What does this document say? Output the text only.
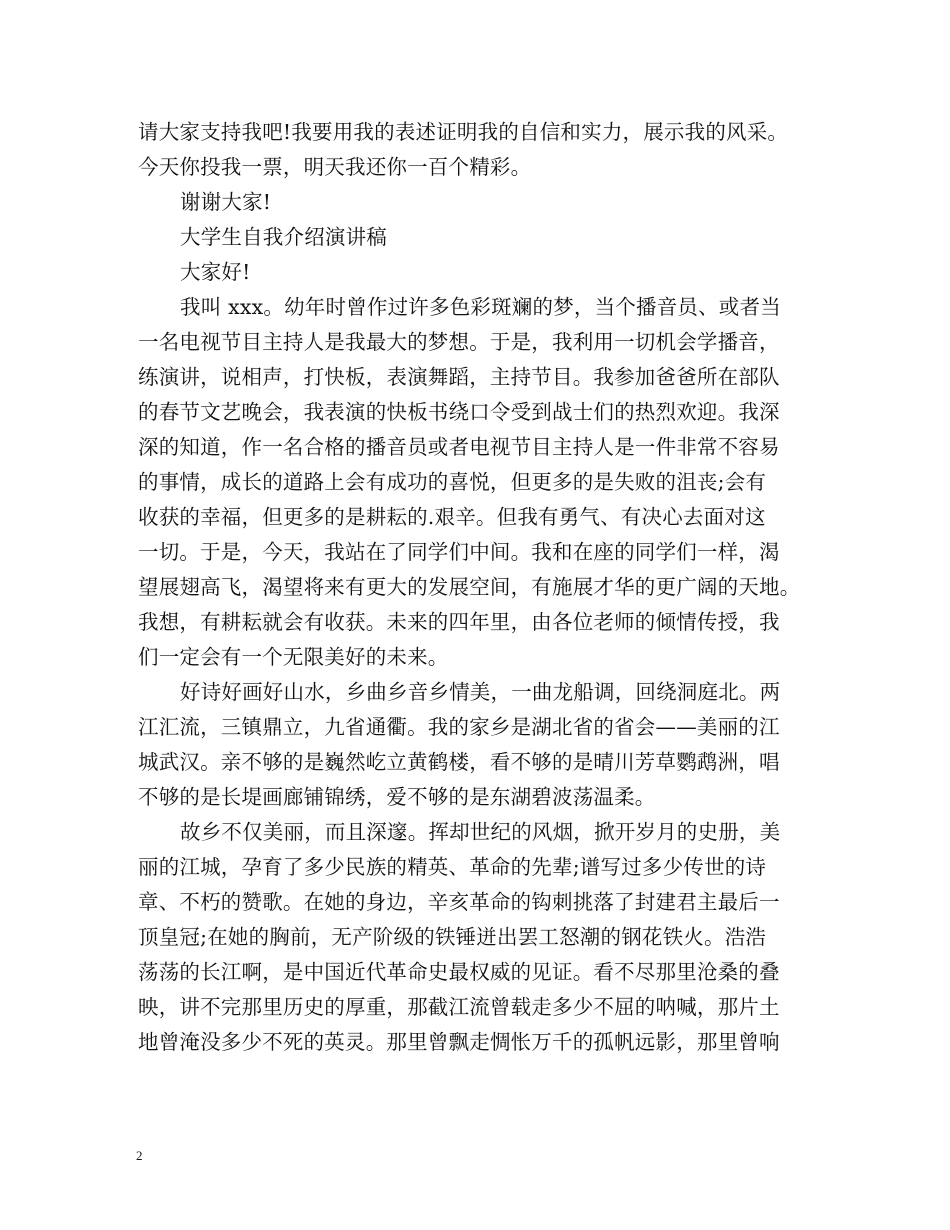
请大家支持我吧!我要用我的表述证明我的自信和实力，展示我的风采。
今天你投我一票，明天我还你一百个精彩。
谢谢大家!
大学生自我介绍演讲稿
大家好!
我叫 xxx。幼年时曾作过许多色彩斑斓的梦，当个播音员、或者当
一名电视节目主持人是我最大的梦想。于是，我利用一切机会学播音，
练演讲，说相声，打快板，表演舞蹈，主持节目。我参加爸爸所在部队
的春节文艺晚会，我表演的快板书绕口令受到战士们的热烈欢迎。我深
深的知道，作一名合格的播音员或者电视节目主持人是一件非常不容易
的事情，成长的道路上会有成功的喜悦，但更多的是失败的沮丧;会有
收获的幸福，但更多的是耕耘的.艰辛。但我有勇气、有决心去面对这
一切。于是，今天，我站在了同学们中间。我和在座的同学们一样，渴
望展翅高飞，渴望将来有更大的发展空间，有施展才华的更广阔的天地。
我想，有耕耘就会有收获。未来的四年里，由各位老师的倾情传授，我
们一定会有一个无限美好的未来。
好诗好画好山水，乡曲乡音乡情美，一曲龙船调，回绕洞庭北。两
江汇流，三镇鼎立，九省通衢。我的家乡是湖北省的省会——美丽的江
城武汉。亲不够的是巍然屹立黄鹤楼，看不够的是晴川芳草鹦鹉洲，唱
不够的是长堤画廊铺锦绣，爱不够的是东湖碧波荡温柔。
故乡不仅美丽，而且深邃。挥却世纪的风烟，掀开岁月的史册，美
丽的江城，孕育了多少民族的精英、革命的先辈;谱写过多少传世的诗
章、不朽的赞歌。在她的身边，辛亥革命的钩刺挑落了封建君主最后一
顶皇冠;在她的胸前，无产阶级的铁锤迸出罢工怒潮的钢花铁火。浩浩
荡荡的长江啊，是中国近代革命史最权威的见证。看不尽那里沧桑的叠
映，讲不完那里历史的厚重，那截江流曾载走多少不屈的呐喊，那片土
地曾淹没多少不死的英灵。那里曾飘走惆怅万千的孤帆远影，那里曾响
2
